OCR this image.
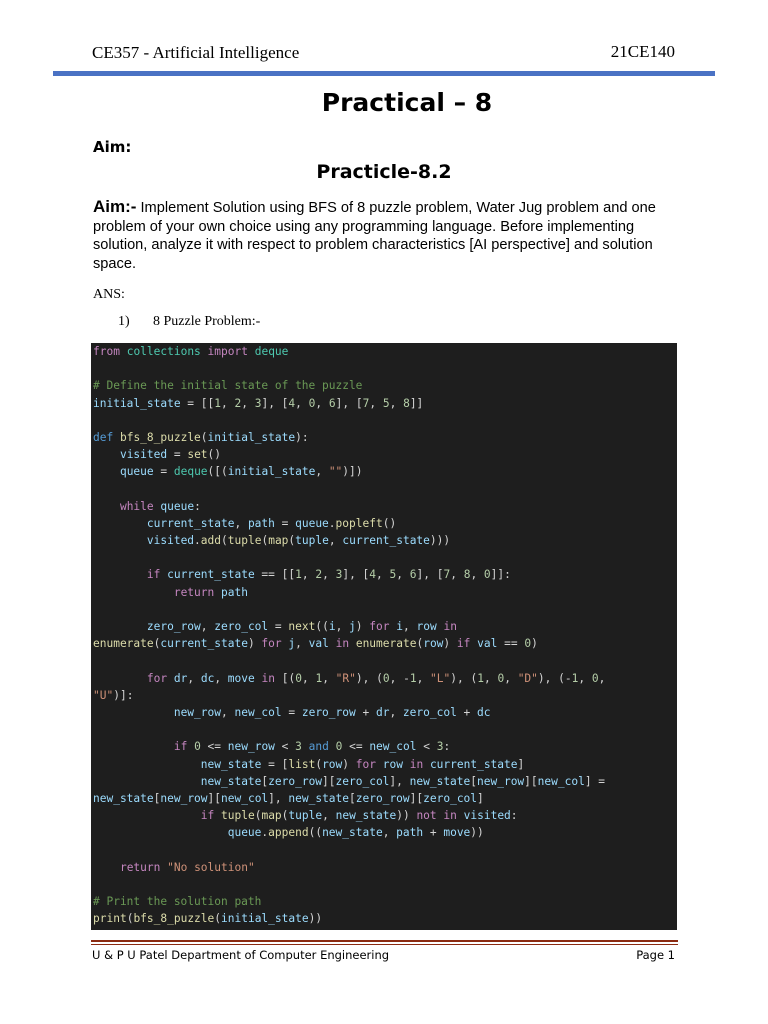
CE357 - Artificial Intelligence	21CE140
Practical – 8
Aim:
Practicle-8.2
Aim:- Implement Solution using BFS of 8 puzzle problem, Water Jug problem and one problem of your own choice using any programming language. Before implementing solution, analyze it with respect to problem characteristics [AI perspective] and solution space.
ANS:
1) 8 Puzzle Problem:-
from collections import deque

# Define the initial state of the puzzle
initial_state = [[1, 2, 3], [4, 0, 6], [7, 5, 8]]

def bfs_8_puzzle(initial_state):
visited = set()
queue = deque([(initial_state, "")])

while queue:
current_state, path = queue.popleft()
visited.add(tuple(map(tuple, current_state)))

if current_state == [[1, 2, 3], [4, 5, 6], [7, 8, 0]]:
return path

zero_row, zero_col = next((i, j) for i, row in
enumerate(current_state) for j, val in enumerate(row) if val == 0)

for dr, dc, move in [(0, 1, "R"), (0, -1, "L"), (1, 0, "D"), (-1, 0,
"U")]:
new_row, new_col = zero_row + dr, zero_col + dc

if 0 <= new_row < 3 and 0 <= new_col < 3:
new_state = [list(row) for row in current_state]
new_state[zero_row][zero_col], new_state[new_row][new_col] =
new_state[new_row][new_col], new_state[zero_row][zero_col]
if tuple(map(tuple, new_state)) not in visited:
queue.append((new_state, path + move))

return "No solution"

# Print the solution path
print(bfs_8_puzzle(initial_state))
U & P U Patel Department of Computer Engineering	Page 1
